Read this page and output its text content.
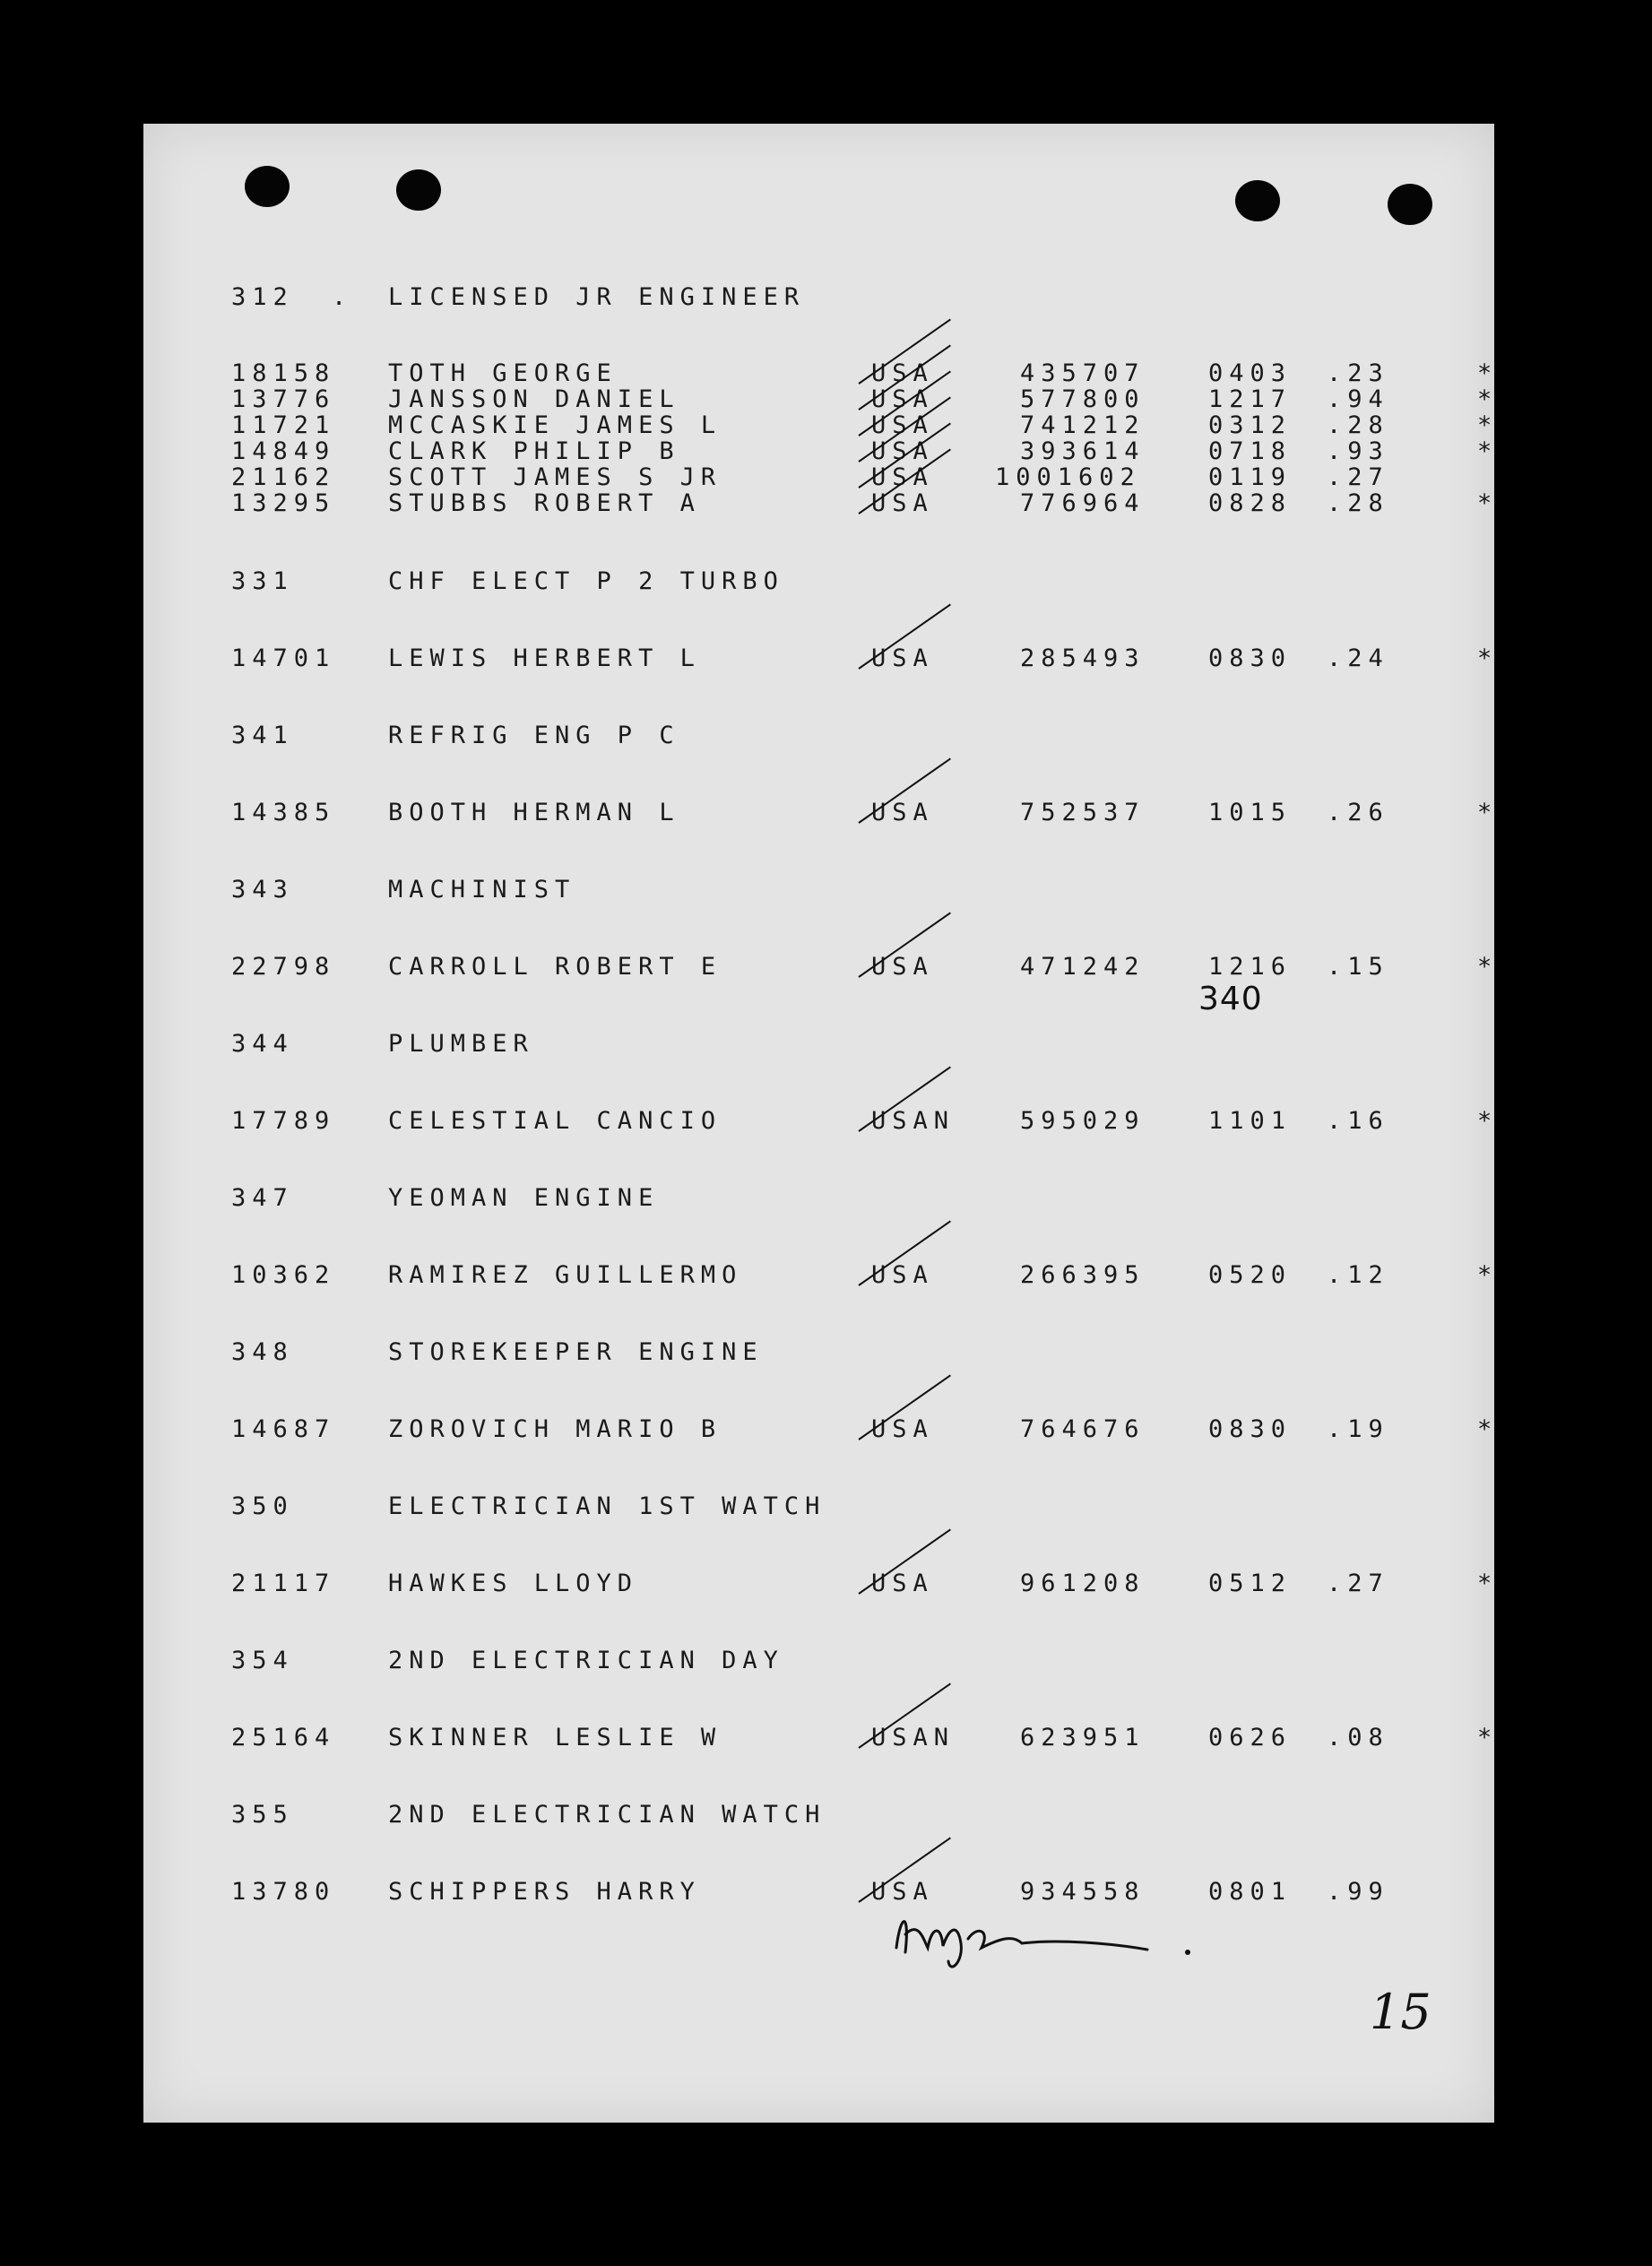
312 . LICENSED JR ENGINEER
18158 TOTH GEORGE	USA	435707	0403 .23	*
13776 JANSSON DANIEL	USA	577800	1217 .94	*
11721 MCCASKIE JAMES L	USA	741212	0312 .28	*
14849 CLARK PHILIP B	USA	393614	0718 .93	*
21162 SCOTT JAMES S JR	USA	1001602	0119 .27
13295 STUBBS ROBERT A	USA	776964	0828 .28	*
331	CHF ELECT P 2 TURBO
14701 LEWIS HERBERT L	USA	285493	0830 .24	*
341	REFRIG ENG P C
14385 BOOTH HERMAN L	USA	752537	1015 .26	*
343	MACHINIST
22798 CARROLL ROBERT E	USA	471242	1216 .15	*
344	PLUMBER
17789 CELESTIAL CANCIO	USAN	595029	1101 .16	*
347	YEOMAN ENGINE
10362 RAMIREZ GUILLERMO	USA	266395	0520 .12	*
348	STOREKEEPER ENGINE
14687 ZOROVICH MARIO B	USA	764676	0830 .19	*
350	ELECTRICIAN 1ST WATCH
21117 HAWKES LLOYD	USA	961208	0512 .27	*
354	2ND ELECTRICIAN DAY
25164 SKINNER LESLIE W	USAN	623951	0626 .08	*
355	2ND ELECTRICIAN WATCH
13780 SCHIPPERS HARRY	USA	934558	0801 .99
340
15
